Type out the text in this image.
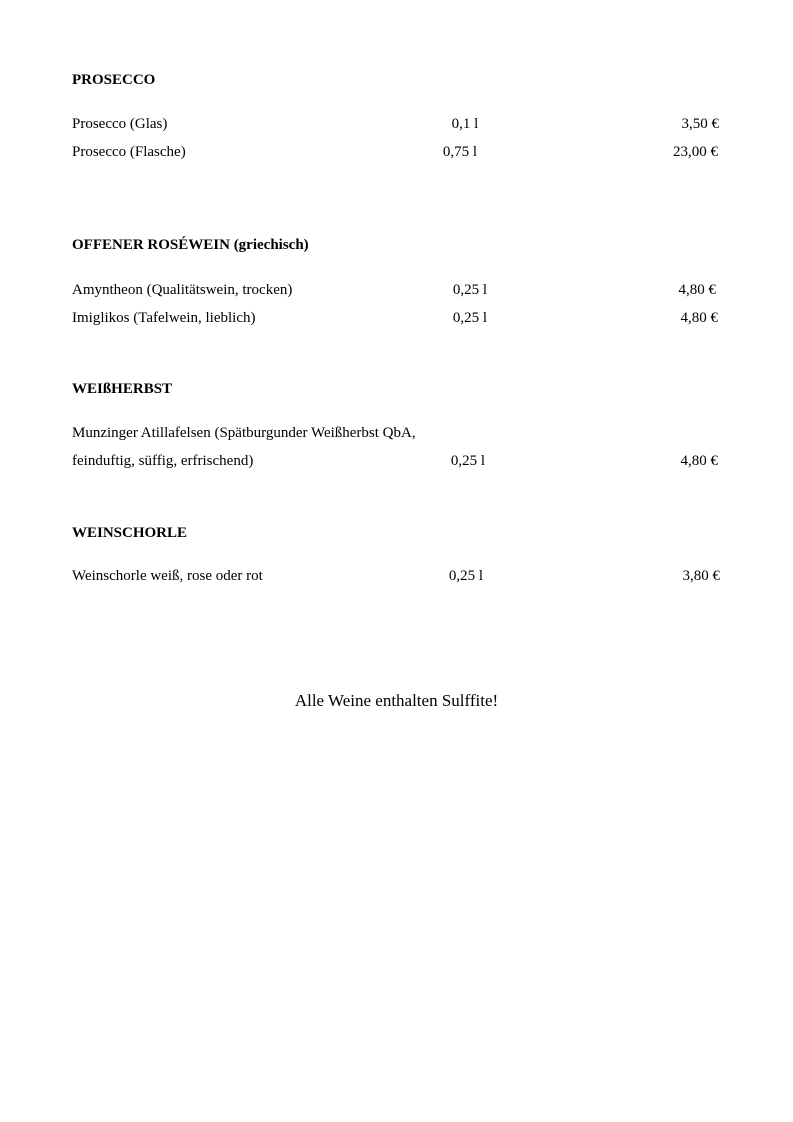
PROSECCO
Prosecco (Glas)	0,1 l	3,50 €
Prosecco (Flasche)	0,75 l	23,00 €
OFFENER ROSÉWEIN (griechisch)
Amyntheon (Qualitätswein, trocken)	0,25 l	4,80 €
Imiglikos (Tafelwein, lieblich)	0,25 l	4,80 €
WEIßHERBST
Munzinger Atillafelsen (Spätburgunder Weißherbst QbA,
feinduftig, süffig, erfrischend)	0,25 l	4,80 €
WEINSCHORLE
Weinschorle weiß, rose oder rot	0,25 l	3,80 €
Alle Weine enthalten Sulffite!
